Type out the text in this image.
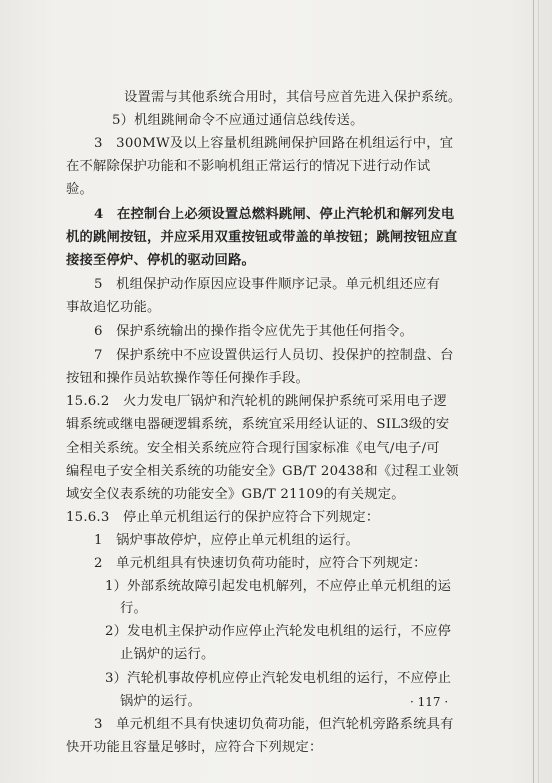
设置需与其他系统合用时，其信号应首先进入保护系统。
5）机组跳闸命令不应通过通信总线传送。
3　300MW及以上容量机组跳闸保护回路在机组运行中，宜
在不解除保护功能和不影响机组正常运行的情况下进行动作试
验。
4　在控制台上必须设置总燃料跳闸、停止汽轮机和解列发电
机的跳闸按钮，并应采用双重按钮或带盖的单按钮；跳闸按钮应直
接接至停炉、停机的驱动回路。
5　机组保护动作原因应设事件顺序记录。单元机组还应有
事故追忆功能。
6　保护系统输出的操作指令应优先于其他任何指令。
7　保护系统中不应设置供运行人员切、投保护的控制盘、台
按钮和操作员站软操作等任何操作手段。
15.6.2　火力发电厂锅炉和汽轮机的跳闸保护系统可采用电子逻
辑系统或继电器硬逻辑系统，系统宜采用经认证的、SIL3级的安
全相关系统。安全相关系统应符合现行国家标准《电气/电子/可
编程电子安全相关系统的功能安全》GB/T 20438和《过程工业领
域安全仪表系统的功能安全》GB/T 21109的有关规定。
15.6.3　停止单元机组运行的保护应符合下列规定：
1　锅炉事故停炉，应停止单元机组的运行。
2　单元机组具有快速切负荷功能时，应符合下列规定：
1）外部系统故障引起发电机解列，不应停止单元机组的运
行。
2）发电机主保护动作应停止汽轮发电机组的运行，不应停
止锅炉的运行。
3）汽轮机事故停机应停止汽轮发电机组的运行，不应停止
锅炉的运行。
3　单元机组不具有快速切负荷功能，但汽轮机旁路系统具有
快开功能且容量足够时，应符合下列规定：
· 117 ·
